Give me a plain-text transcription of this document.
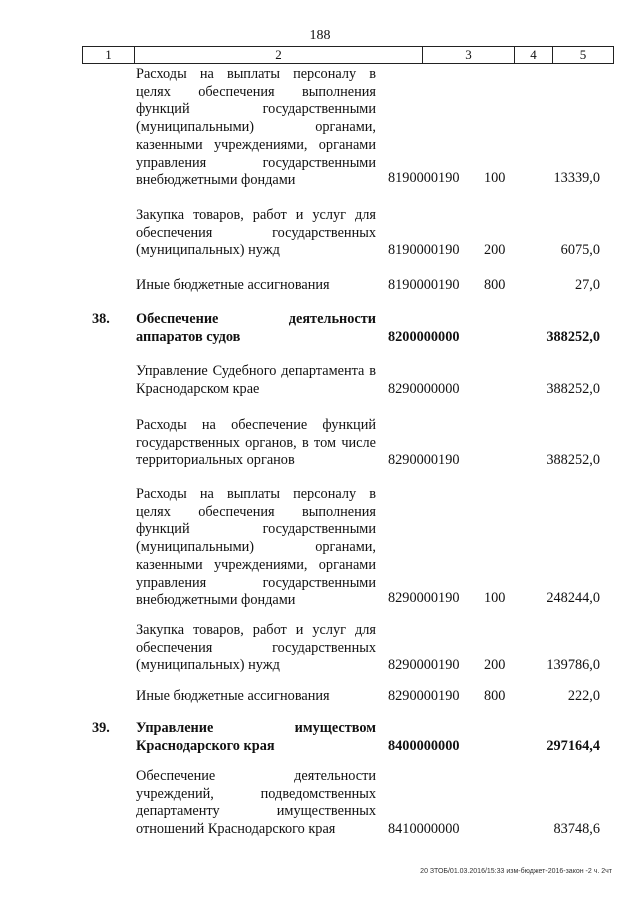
188
1	2	3	4	5
Расходы на выплаты персоналу в целях обеспечения выполнения функций государственными (муниципальными) органами, казенными учреждениями, органами управления государственными внебюджетными фондами	8190000190 100	13339,0
Закупка товаров, работ и услуг для обеспечения государственных (муниципальных) нужд	8190000190 200	6075,0
Иные бюджетные ассигнования	8190000190 800	27,0
38. Обеспечение деятельности аппаратов судов	8200000000	388252,0
Управление Судебного департамента в Краснодарском крае	8290000000	388252,0
Расходы на обеспечение функций государственных органов, в том числе территориальных органов	8290000190	388252,0
Расходы на выплаты персоналу в целях обеспечения выполнения функций государственными (муниципальными) органами, казенными учреждениями, органами управления государственными внебюджетными фондами	8290000190 100	248244,0
Закупка товаров, работ и услуг для обеспечения государственных (муниципальных) нужд	8290000190 200	139786,0
Иные бюджетные ассигнования	8290000190 800	222,0
39. Управление имуществом Краснодарского края	8400000000	297164,4
Обеспечение деятельности учреждений, подведомственных департаменту имущественных отношений Краснодарского края	8410000000	83748,6
20 ЗТОБ/01.03.2016/15:33 изм-бюджет-2016-закон -2 ч. 2чт
